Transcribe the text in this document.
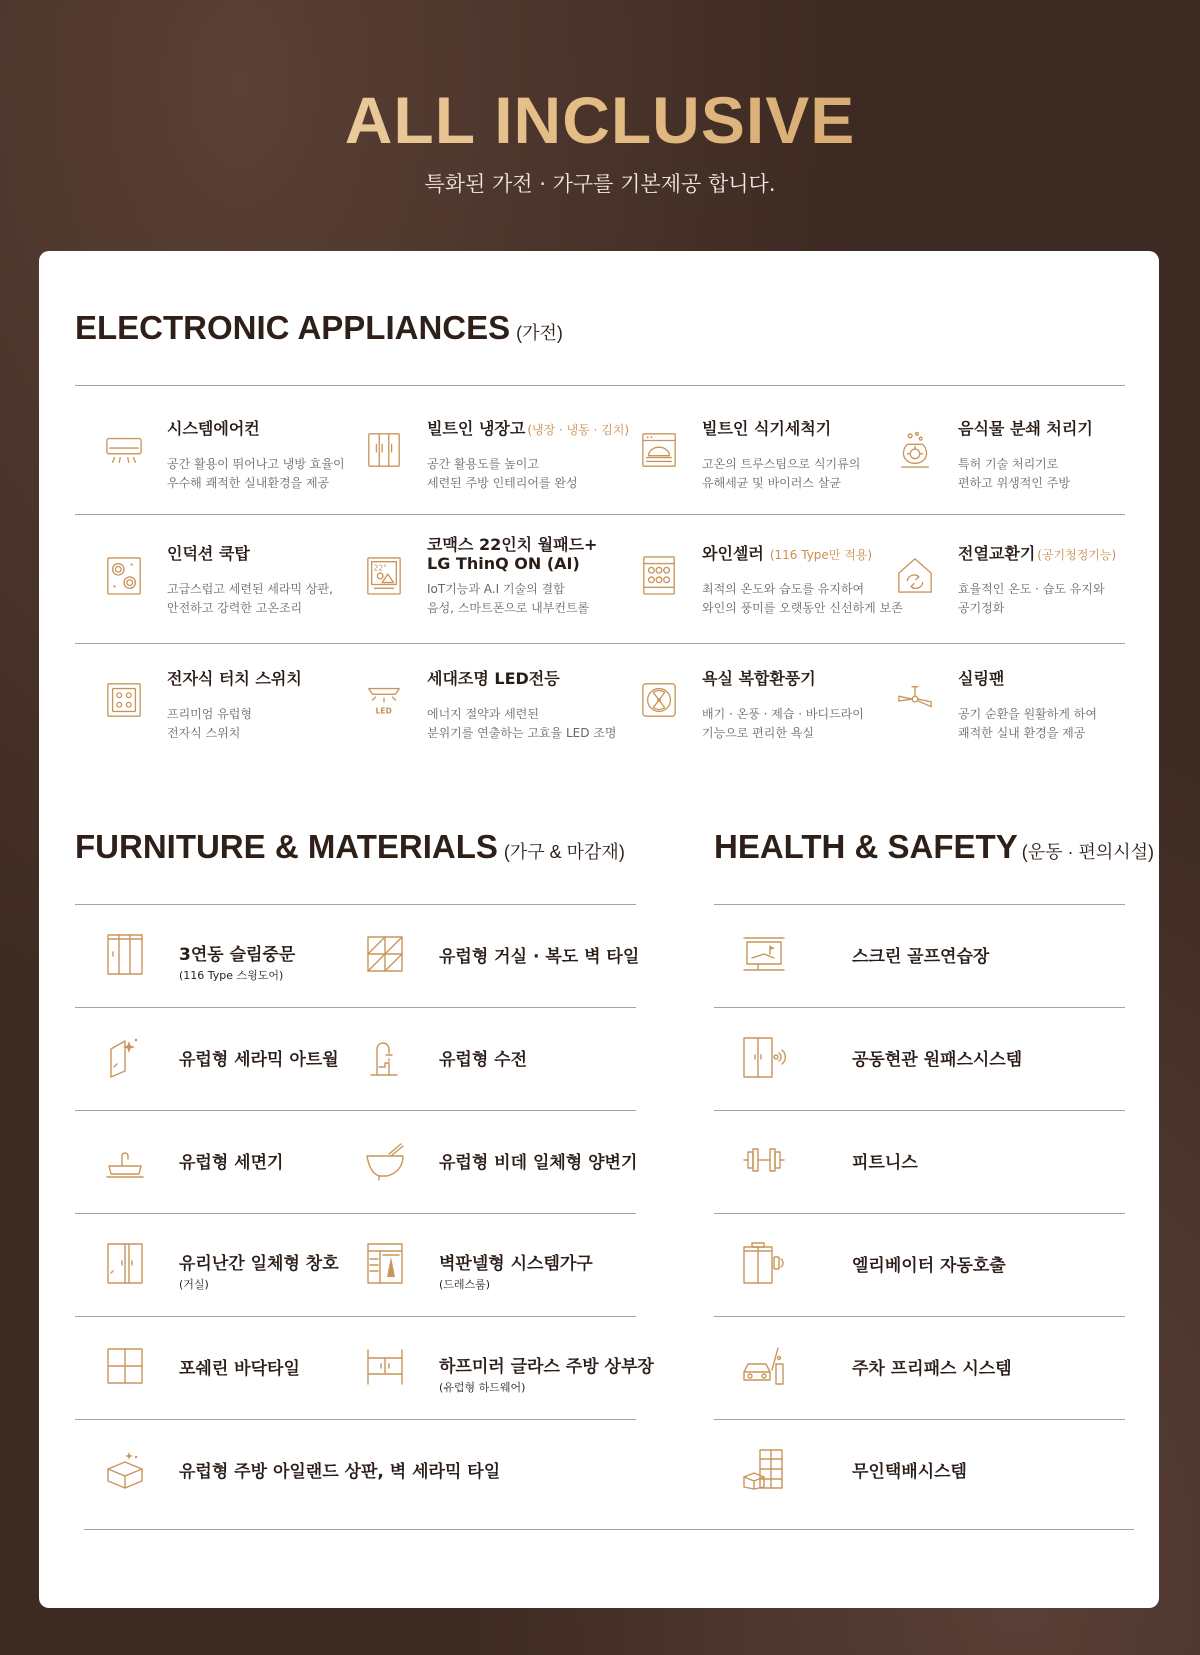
ALL INCLUSIVE
특화된 가전 · 가구를 기본제공 합니다.
ELECTRONIC APPLIANCES (가전)
시스템에어컨
공간 활용이 뛰어나고 냉방 효율이
우수해 쾌적한 실내환경을 제공
빌트인 냉장고 (냉장 · 냉동 · 김치)
공간 활용도를 높이고
세련된 주방 인테리어를 완성
빌트인 식기세척기
고온의 트루스팀으로 식기류의
유해세균 및 바이러스 살균
음식물 분쇄 처리기
특허 기술 처리기로
편하고 위생적인 주방
인덕션 쿡탑
고급스럽고 세련된 세라믹 상판,
안전하고 강력한 고온조리
22"
코맥스 22인치 월패드+
LG ThinQ ON (AI)
IoT기능과 A.I 기술의 결합
음성, 스마트폰으로 내부컨트롤
와인셀러 (116 Type만 적용)
최적의 온도와 습도를 유지하여
와인의 풍미를 오랫동안 신선하게 보존
전열교환기 (공기청정기능)
효율적인 온도 · 습도 유지와
공기정화
전자식 터치 스위치
프리미엄 유럽형
전자식 스위치
LED
세대조명 LED전등
에너지 절약과 세련된
분위기를 연출하는 고효율 LED 조명
욕실 복합환풍기
배기 · 온풍 · 제습 · 바디드라이
기능으로 편리한 욕실
실링팬
공기 순환을 원활하게 하여
쾌적한 실내 환경을 제공
FURNITURE & MATERIALS (가구 & 마감재)	HEALTH & SAFETY (운동 · 편의시설)
3연동 슬림중문
(116 Type 스윙도어)
유럽형 거실 · 복도 벽 타일
유럽형 세라믹 아트월	유럽형 수전
유럽형 세면기	유럽형 비데 일체형 양변기
유리난간 일체형 창호
(거실)
벽판넬형 시스템가구
(드레스룸)
포쉐린 바닥타일	하프미러 글라스 주방 상부장
(유럽형 하드웨어)
유럽형 주방 아일랜드 상판, 벽 세라믹 타일
스크린 골프연습장
공동현관 원패스시스템
피트니스
엘리베이터 자동호출
주차 프리패스 시스템
무인택배시스템
